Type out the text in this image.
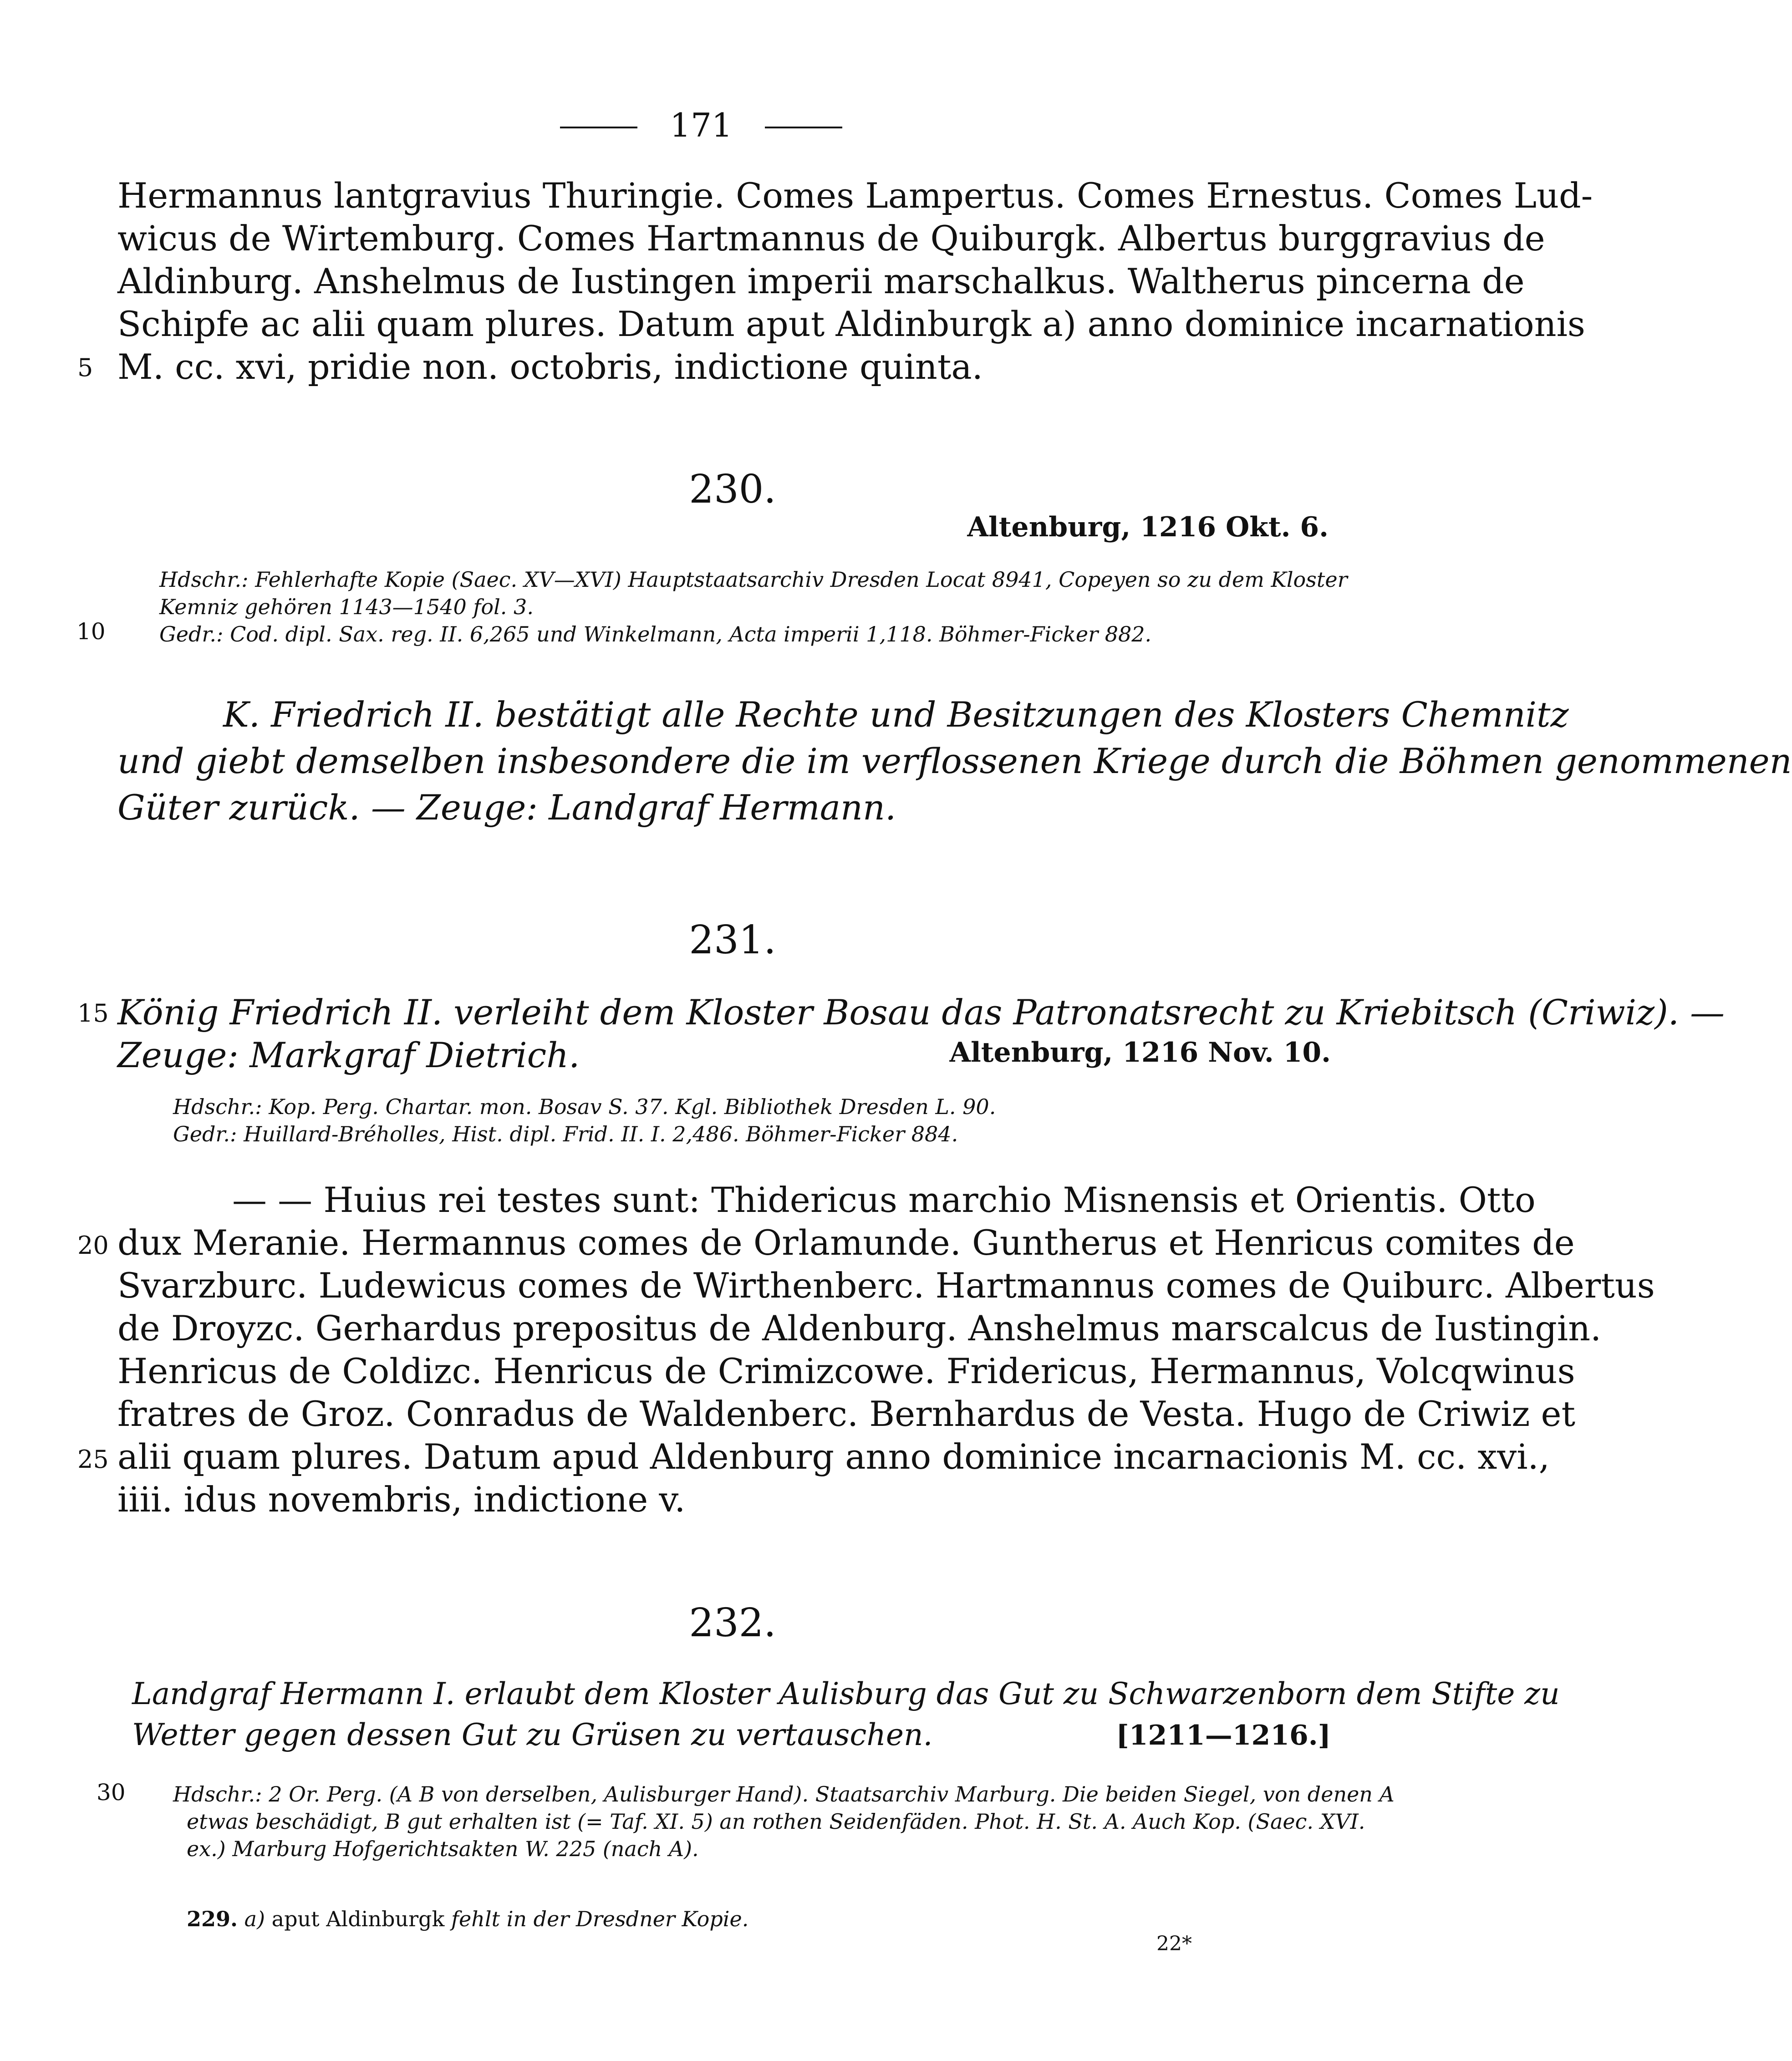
171
Hermannus lantgravius Thuringie. Comes Lampertus. Comes Ernestus. Comes Lud-
wicus de Wirtemburg. Comes Hartmannus de Quiburgk. Albertus burggravius de
Aldinburg. Anshelmus de Iustingen imperii marschalkus. Waltherus pincerna de
Schipfe ac alii quam plures. Datum aput Aldinburgk a) anno dominice incarnationis
5 M. cc. xvi, pridie non. octobris, indictione quinta.
230.
Altenburg, 1216 Okt. 6.
Hdschr.: Fehlerhafte Kopie (Saec. XV—XVI) Hauptstaatsarchiv Dresden Locat 8941, Copeyen so zu dem Kloster
Kemniz gehören 1143—1540 fol. 3.
10	Gedr.: Cod. dipl. Sax. reg. II. 6,265 und Winkelmann, Acta imperii 1,118. Böhmer-Ficker 882.
K. Friedrich II. bestätigt alle Rechte und Besitzungen des Klosters Chemnitz
und giebt demselben insbesondere die im verflossenen Kriege durch die Böhmen genommenen
Güter zurück. — Zeuge: Landgraf Hermann.
231.
15 König Friedrich II. verleiht dem Kloster Bosau das Patronatsrecht zu Kriebitsch (Criwiz). —
Zeuge: Markgraf Dietrich.	Altenburg, 1216 Nov. 10.
Hdschr.: Kop. Perg. Chartar. mon. Bosav S. 37. Kgl. Bibliothek Dresden L. 90.
Gedr.: Huillard-Bréholles, Hist. dipl. Frid. II. I. 2,486. Böhmer-Ficker 884.
— — Huius rei testes sunt: Thidericus marchio Misnensis et Orientis. Otto
20 dux Meranie. Hermannus comes de Orlamunde. Guntherus et Henricus comites de
Svarzburc. Ludewicus comes de Wirthenberc. Hartmannus comes de Quiburc. Albertus
de Droyzc. Gerhardus prepositus de Aldenburg. Anshelmus marscalcus de Iustingin.
Henricus de Coldizc. Henricus de Crimizcowe. Fridericus, Hermannus, Volcqwinus
fratres de Groz. Conradus de Waldenberc. Bernhardus de Vesta. Hugo de Criwiz et
25 alii quam plures. Datum apud Aldenburg anno dominice incarnacionis M. cc. xvi.,
iiii. idus novembris, indictione v.
232.
Landgraf Hermann I. erlaubt dem Kloster Aulisburg das Gut zu Schwarzenborn dem Stifte zu
Wetter gegen dessen Gut zu Grüsen zu vertauschen.	[1211—1216.]
30 Hdschr.: 2 Or. Perg. (A B von derselben, Aulisburger Hand). Staatsarchiv Marburg. Die beiden Siegel, von denen A
etwas beschädigt, B gut erhalten ist (= Taf. XI. 5) an rothen Seidenfäden. Phot. H. St. A. Auch Kop. (Saec. XVI.
ex.) Marburg Hofgerichtsakten W. 225 (nach A).
229. a) aput Aldinburgk fehlt in der Dresdner Kopie.
22*
